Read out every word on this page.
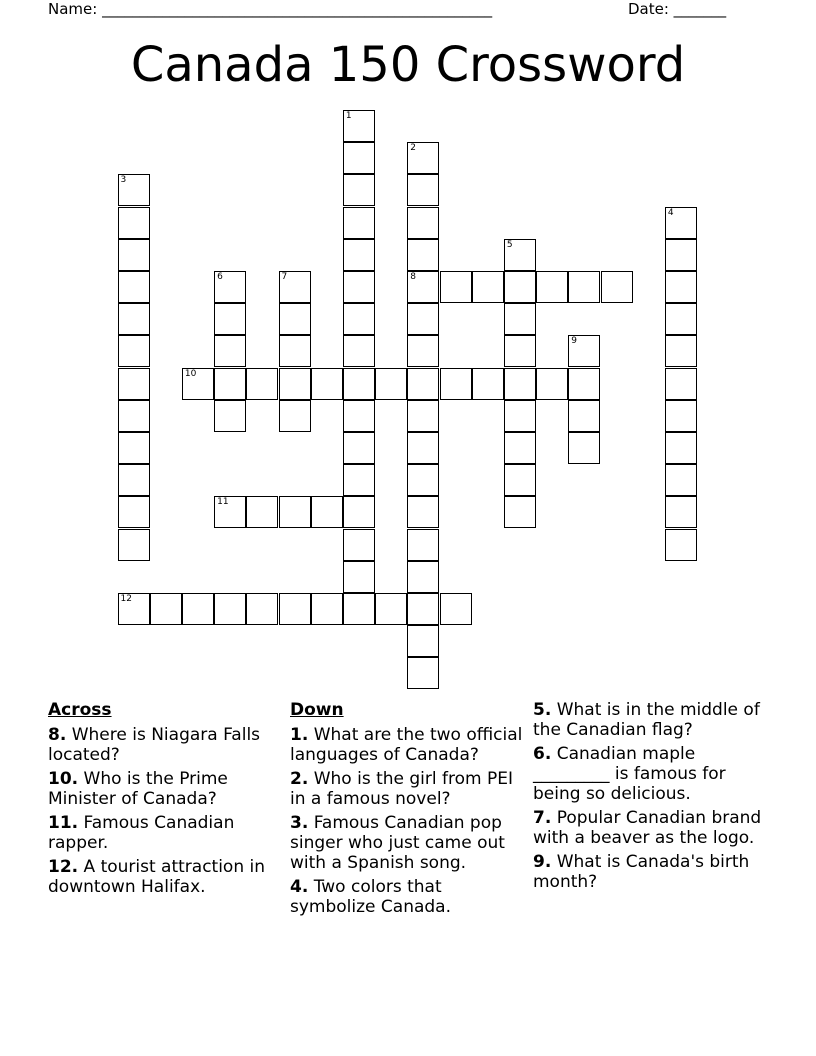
Name: ____________________________________________________	Date: _______
Canada 150 Crossword
1
2
8
3
4
5
6	7
9
10
11
12
Across
8. Where is Niagara Falls located?
10. Who is the Prime Minister of Canada?
11. Famous Canadian rapper.
12. A tourist attraction in downtown Halifax.
Down
1. What are the two official languages of Canada?
2. Who is the girl from PEI in a famous novel?
3. Famous Canadian pop singer who just came out with a Spanish song.
4. Two colors that symbolize Canada.
5. What is in the middle of the Canadian flag?
6. Canadian maple _________ is famous for being so delicious.
7. Popular Canadian brand with a beaver as the logo.
9. What is Canada's birth month?
